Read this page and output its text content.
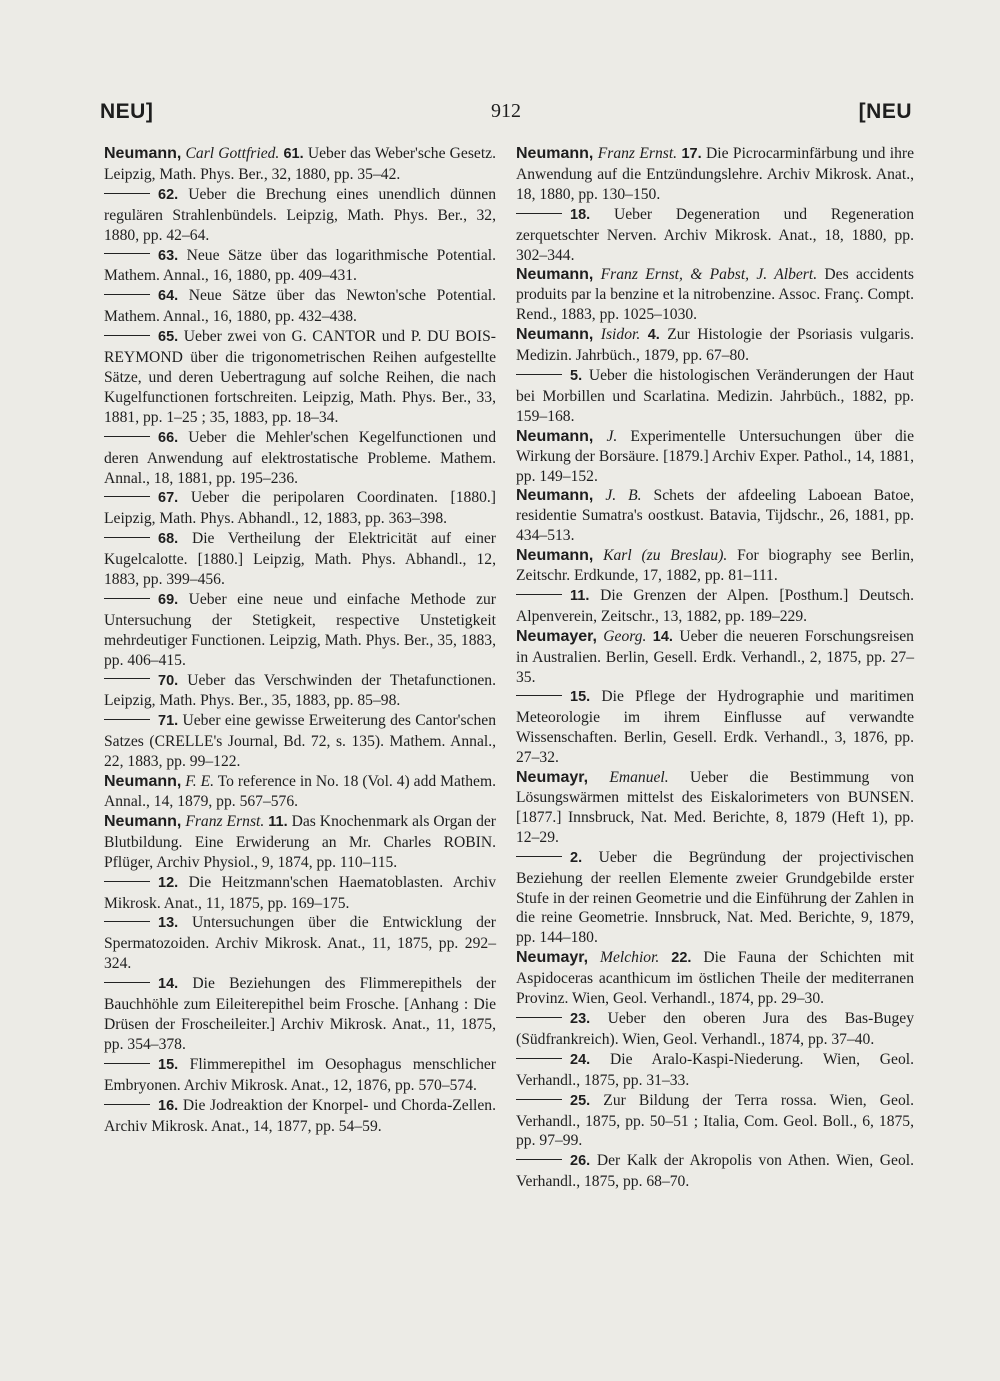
NEU]	912	[NEU

Neumann, Carl Gottfried. 61. Ueber das Weber'sche Gesetz. Leipzig, Math. Phys. Ber., 32, 1880, pp. 35–42.

62. Ueber die Brechung eines unendlich dünnen regulären Strahlenbündels. Leipzig, Math. Phys. Ber., 32, 1880, pp. 42–64.

63. Neue Sätze über das logarithmische Potential. Mathem. Annal., 16, 1880, pp. 409–431.

64. Neue Sätze über das Newton'sche Potential. Mathem. Annal., 16, 1880, pp. 432–438.

65. Ueber zwei von G. CANTOR und P. DU BOIS-REYMOND über die trigonometrischen Reihen aufgestellte Sätze, und deren Uebertragung auf solche Reihen, die nach Kugelfunctionen fortschreiten. Leipzig, Math. Phys. Ber., 33, 1881, pp. 1–25 ; 35, 1883, pp. 18–34.

66. Ueber die Mehler'schen Kegelfunctionen und deren Anwendung auf elektrostatische Probleme. Mathem. Annal., 18, 1881, pp. 195–236.

67. Ueber die peripolaren Coordinaten. [1880.] Leipzig, Math. Phys. Abhandl., 12, 1883, pp. 363–398.

68. Die Vertheilung der Elektricität auf einer Kugelcalotte. [1880.] Leipzig, Math. Phys. Abhandl., 12, 1883, pp. 399–456.

69. Ueber eine neue und einfache Methode zur Untersuchung der Stetigkeit, respective Unstetigkeit mehrdeutiger Functionen. Leipzig, Math. Phys. Ber., 35, 1883, pp. 406–415.

70. Ueber das Verschwinden der Thetafunctionen. Leipzig, Math. Phys. Ber., 35, 1883, pp. 85–98.

71. Ueber eine gewisse Erweiterung des Cantor'schen Satzes (CRELLE's Journal, Bd. 72, s. 135). Mathem. Annal., 22, 1883, pp. 99–122.

Neumann, F. E. To reference in No. 18 (Vol. 4) add Mathem. Annal., 14, 1879, pp. 567–576.

Neumann, Franz Ernst. 11. Das Knochenmark als Organ der Blutbildung. Eine Erwiderung an Mr. Charles ROBIN. Pflüger, Archiv Physiol., 9, 1874, pp. 110–115.

12. Die Heitzmann'schen Haematoblasten. Archiv Mikrosk. Anat., 11, 1875, pp. 169–175.

13. Untersuchungen über die Entwicklung der Spermatozoiden. Archiv Mikrosk. Anat., 11, 1875, pp. 292–324.

14. Die Beziehungen des Flimmerepithels der Bauchhöhle zum Eileiterepithel beim Frosche. [Anhang : Die Drüsen der Froscheileiter.] Archiv Mikrosk. Anat., 11, 1875, pp. 354–378.

15. Flimmerepithel im Oesophagus menschlicher Embryonen. Archiv Mikrosk. Anat., 12, 1876, pp. 570–574.

16. Die Jodreaktion der Knorpel- und Chorda-Zellen. Archiv Mikrosk. Anat., 14, 1877, pp. 54–59.

Neumann, Franz Ernst. 17. Die Picrocarminfärbung und ihre Anwendung auf die Entzündungslehre. Archiv Mikrosk. Anat., 18, 1880, pp. 130–150.

18. Ueber Degeneration und Regeneration zerquetschter Nerven. Archiv Mikrosk. Anat., 18, 1880, pp. 302–344.

Neumann, Franz Ernst, & Pabst, J. Albert. Des accidents produits par la benzine et la nitrobenzine. Assoc. Franç. Compt. Rend., 1883, pp. 1025–1030.

Neumann, Isidor. 4. Zur Histologie der Psoriasis vulgaris. Medizin. Jahrbüch., 1879, pp. 67–80.

5. Ueber die histologischen Veränderungen der Haut bei Morbillen und Scarlatina. Medizin. Jahrbüch., 1882, pp. 159–168.

Neumann, J. Experimentelle Untersuchungen über die Wirkung der Borsäure. [1879.] Archiv Exper. Pathol., 14, 1881, pp. 149–152.

Neumann, J. B. Schets der afdeeling Laboean Batoe, residentie Sumatra's oostkust. Batavia, Tijdschr., 26, 1881, pp. 434–513.

Neumann, Karl (zu Breslau). For biography see Berlin, Zeitschr. Erdkunde, 17, 1882, pp. 81–111.

11. Die Grenzen der Alpen. [Posthum.] Deutsch. Alpenverein, Zeitschr., 13, 1882, pp. 189–229.

Neumayer, Georg. 14. Ueber die neueren Forschungsreisen in Australien. Berlin, Gesell. Erdk. Verhandl., 2, 1875, pp. 27–35.

15. Die Pflege der Hydrographie und maritimen Meteorologie im ihrem Einflusse auf verwandte Wissenschaften. Berlin, Gesell. Erdk. Verhandl., 3, 1876, pp. 27–32.

Neumayr, Emanuel. Ueber die Bestimmung von Lösungswärmen mittelst des Eiskalorimeters von BUNSEN. [1877.] Innsbruck, Nat. Med. Berichte, 8, 1879 (Heft 1), pp. 12–29.

2. Ueber die Begründung der projectivischen Beziehung der reellen Elemente zweier Grundgebilde erster Stufe in der reinen Geometrie und die Einführung der Zahlen in die reine Geometrie. Innsbruck, Nat. Med. Berichte, 9, 1879, pp. 144–180.

Neumayr, Melchior. 22. Die Fauna der Schichten mit Aspidoceras acanthicum im östlichen Theile der mediterranen Provinz. Wien, Geol. Verhandl., 1874, pp. 29–30.

23. Ueber den oberen Jura des Bas-Bugey (Südfrankreich). Wien, Geol. Verhandl., 1874, pp. 37–40.

24. Die Aralo-Kaspi-Niederung. Wien, Geol. Verhandl., 1875, pp. 31–33.

25. Zur Bildung der Terra rossa. Wien, Geol. Verhandl., 1875, pp. 50–51 ; Italia, Com. Geol. Boll., 6, 1875, pp. 97–99.

26. Der Kalk der Akropolis von Athen. Wien, Geol. Verhandl., 1875, pp. 68–70.
